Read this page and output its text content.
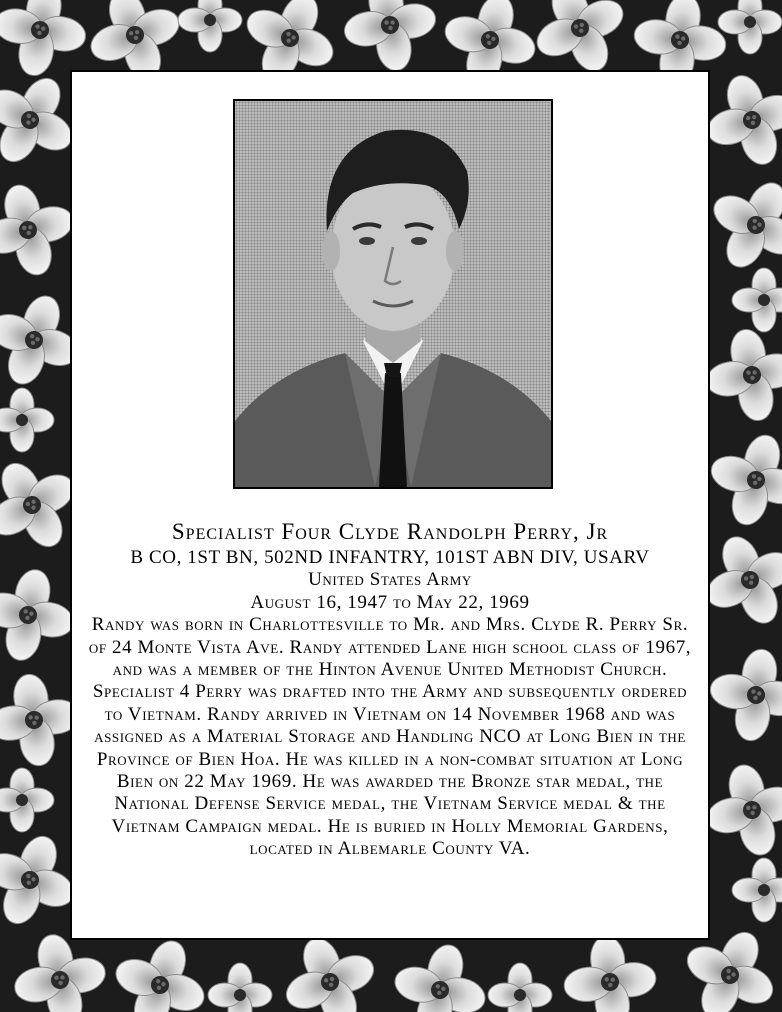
Specialist Four Clyde Randolph Perry, Jr

B CO, 1ST BN, 502ND INFANTRY, 101ST ABN DIV, USARV

United States Army

August 16, 1947 to May 22, 1969

Randy was born in Charlottesville to Mr. and Mrs. Clyde R. Perry Sr. of 24 Monte Vista Ave. Randy attended Lane high school class of 1967, and was a member of the Hinton Avenue United Methodist Church. Specialist 4 Perry was drafted into the Army and subsequently ordered to Vietnam. Randy arrived in Vietnam on 14 November 1968 and was assigned as a Material Storage and Handling NCO at Long Bien in the Province of Bien Hoa. He was killed in a non-combat situation at Long Bien on 22 May 1969. He was awarded the Bronze star medal, the National Defense Service medal, the Vietnam Service medal & the Vietnam Campaign medal. He is buried in Holly Memorial Gardens, located in Albemarle County VA.
